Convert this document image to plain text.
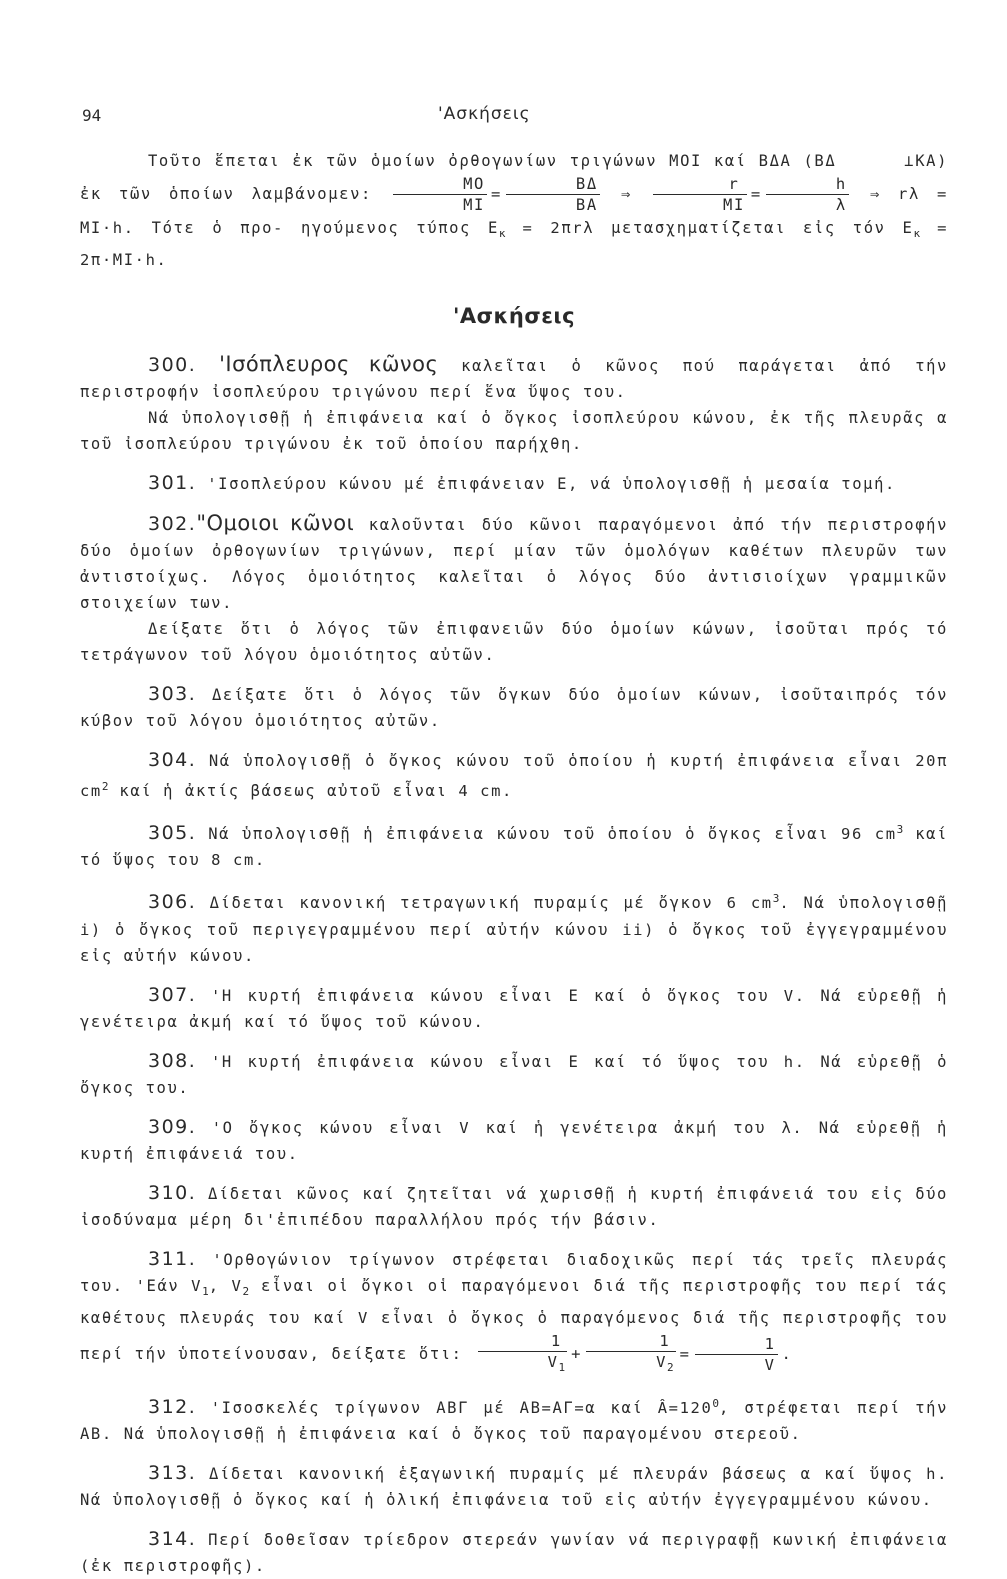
94	'Ασκήσεις

Τοῦτο ἕπεται ἐκ τῶν ὁμοίων ὀρθογωνίων τριγώνων ΜΟΙ καί ΒΔΑ (ΒΔ	⊥ΚΑ) ἐκ τῶν ὁποίων λαμβάνομεν: $\frac{MO}{MI} = \frac{B\Delta}{BA}$ ⇒ $\frac{r}{MI} = \frac{h}{\lambda}$ ⇒ rλ = ΜΙ·h. Τότε ὁ προ- ηγούμενος τύπος $E_\kappa = 2\pi r\lambda$ μετασχηματίζεται εἰς τόν $E_\kappa = 2\pi\cdot MI\cdot h$.

'Ασκήσεις

300. 'Ισόπλευρος κῶνος καλεῖται ὁ κῶνος πού παράγεται ἀπό τήν περιστροφήν ἰσοπλεύρου τριγώνου περί ἕνα ὕψος του.

Νά ὑπολογισθῇ ἡ ἐπιφάνεια καί ὁ ὄγκος ἰσοπλεύρου κώνου, ἐκ τῆς πλευρᾶς α τοῦ ἰσοπλεύρου τριγώνου ἐκ τοῦ ὁποίου παρήχθη.

301. 'Ισοπλεύρου κώνου μέ ἐπιφάνειαν Ε, νά ὑπολογισθῇ ἡ μεσαία τομή.

302."Ομοιοι κῶνοι καλοῦνται δύο κῶνοι παραγόμενοι ἀπό τήν περιστροφήν δύο ὁμοίων ὀρθογωνίων τριγώνων, περί μίαν τῶν ὁμολόγων καθέτων πλευρῶν των ἀντιστοίχως. Λόγος ὁμοιότητος καλεῖται ὁ λόγος δύο ἀντισιοίχων γραμμικῶν στοιχείων των.

Δείξατε ὅτι ὁ λόγος τῶν ἐπιφανειῶν δύο ὁμοίων κώνων, ἰσοῦται πρός τό τετράγωνον τοῦ λόγου ὁμοιότητος αὐτῶν.

303. Δείξατε ὅτι ὁ λόγος τῶν ὄγκων δύο ὁμοίων κώνων, ἰσοῦταιπρός τόν κύβον τοῦ λόγου ὁμοιότητος αὐτῶν.

304. Νά ὑπολογισθῇ ὁ ὄγκος κώνου τοῦ ὁποίου ἡ κυρτή ἐπιφάνεια εἶναι 20π $cm^2$ καί ἡ ἀκτίς βάσεως αὐτοῦ εἶναι 4 cm.

305. Νά ὑπολογισθῇ ἡ ἐπιφάνεια κώνου τοῦ ὁποίου ὁ ὄγκος εἶναι 96 $cm^3$ καί τό ὕψος του 8 cm.

306. Δίδεται κανονική τετραγωνική πυραμίς μέ ὄγκον 6 $cm^3$. Νά ὑπολογισθῇ i) ὁ ὄγκος τοῦ περιγεγραμμένου περί αὐτήν κώνου ii) ὁ ὄγκος τοῦ ἐγγεγραμμένου εἰς αὐτήν κώνου.

307. 'Η κυρτή ἐπιφάνεια κώνου εἶναι Ε καί ὁ ὄγκος του V. Νά εὑρεθῇ ἡ γενέτειρα ἀκμή καί τό ὕψος τοῦ κώνου.

308. 'Η κυρτή ἐπιφάνεια κώνου εἶναι Ε καί τό ὕψος του h. Νά εὑρεθῇ ὁ ὄγκος του.

309. 'Ο ὄγκος κώνου εἶναι V καί ἡ γενέτειρα ἀκμή του λ. Νά εὑρεθῇ ἡ κυρτή ἐπιφάνειά του.

310. Δίδεται κῶνος καί ζητεῖται νά χωρισθῇ ἡ κυρτή ἐπιφάνειά του εἰς δύο ἰσοδύναμα μέρη δι'ἐπιπέδου παραλλήλου πρός τήν βάσιν.

311. 'Ορθογώνιον τρίγωνον στρέφεται διαδοχικῶς περί τάς τρεῖς πλευράς του. 'Εάν $V_1$, $V_2$ εἶναι οἱ ὄγκοι οἱ παραγόμενοι διά τῆς περιστροφῆς του περί τάς καθέτους πλευράς του καί V εἶναι ὁ ὄγκος ὁ παραγόμενος διά τῆς περιστροφῆς του περί τήν ὑποτείνουσαν, δείξατε ὅτι: $\frac{1}{V_1} + \frac{1}{V_2} = \frac{1}{V}$ .

312. 'Ισοσκελές τρίγωνον ΑΒΓ μέ ΑΒ=ΑΓ=α καί $Â=120^0$, στρέφεται περί τήν ΑΒ. Νά ὑπολογισθῇ ἡ ἐπιφάνεια καί ὁ ὄγκος τοῦ παραγομένου στερεοῦ.

313. Δίδεται κανονική ἑξαγωνική πυραμίς μέ πλευράν βάσεως α καί ὕψος h. Νά ὑπολογισθῇ ὁ ὄγκος καί ἡ ὁλική ἐπιφάνεια τοῦ εἰς αὐτήν ἐγγεγραμμένου κώνου.

314. Περί δοθεῖσαν τρίεδρον στερεάν γωνίαν νά περιγραφῇ κωνική ἐπιφάνεια (ἐκ περιστροφῆς).
